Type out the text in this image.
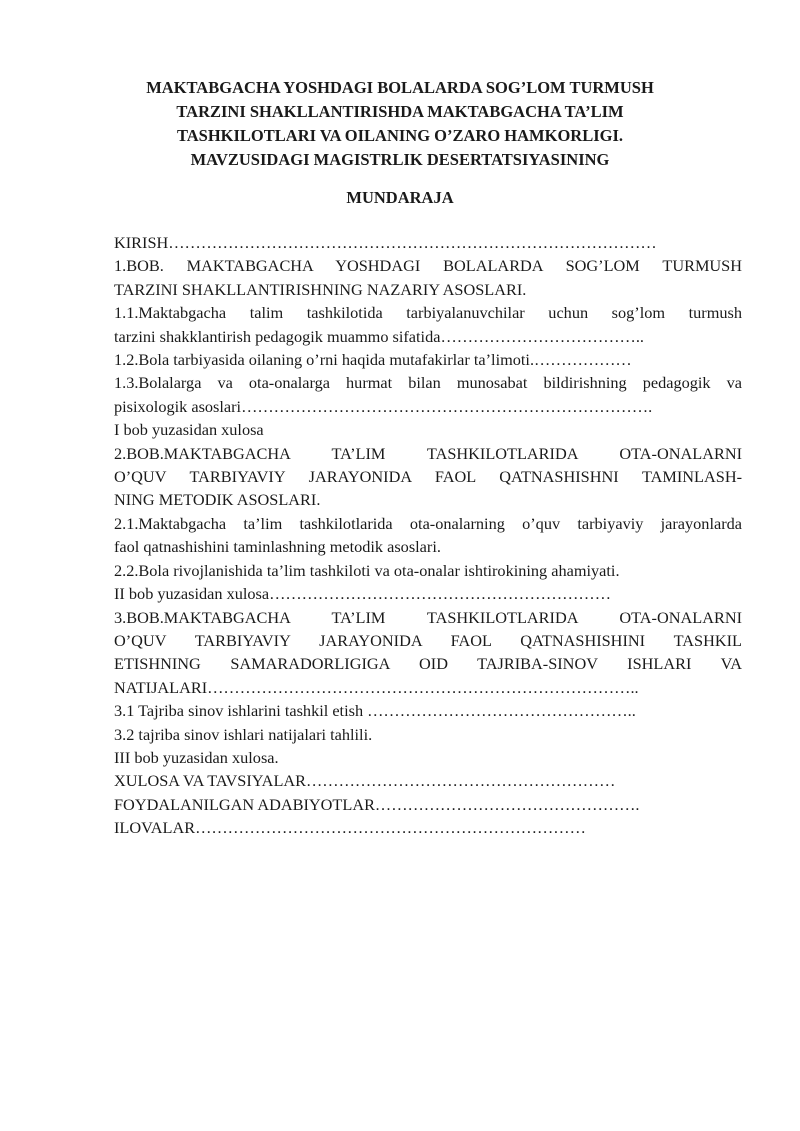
MAKTABGACHA YOSHDAGI BOLALARDA SOG’LOM TURMUSH
TARZINI SHAKLLANTIRISHDA MAKTABGACHA TA’LIM
TASHKILOTLARI VA OILANING O’ZARO HAMKORLIGI.
MAVZUSIDAGI MAGISTRLIK DESERTATSIYASINING
MUNDARAJA
KIRISH………………………………………………………………………………
1.BOB. MAKTABGACHA YOSHDAGI BOLALARDA SOG’LOM TURMUSH
TARZINI SHAKLLANTIRISHNING NAZARIY ASOSLARI.
1.1.Maktabgacha talim tashkilotida tarbiyalanuvchilar uchun sog’lom turmush
tarzini shakklantirish pedagogik muammo sifatida………………………………..
1.2.Bola tarbiyasida oilaning o’rni haqida mutafakirlar ta’limoti.………………
1.3.Bolalarga va ota-onalarga hurmat bilan munosabat bildirishning pedagogik va
pisixologik asoslari………………………………………………………………….
I bob yuzasidan xulosa
2.BOB.MAKTABGACHA TA’LIM TASHKILOTLARIDA OTA-ONALARNI
O’QUV TARBIYAVIY JARAYONIDA FAOL QATNASHISHNI TAMINLASH-
NING METODIK ASOSLARI.
2.1.Maktabgacha ta’lim tashkilotlarida ota-onalarning o’quv tarbiyaviy jarayonlarda
faol qatnashishini taminlashning metodik asoslari.
2.2.Bola rivojlanishida ta’lim tashkiloti va ota-onalar ishtirokining ahamiyati.
II bob yuzasidan xulosa………………………………………………………
3.BOB.MAKTABGACHA TA’LIM TASHKILOTLARIDA OTA-ONALARNI
O’QUV TARBIYAVIY JARAYONIDA FAOL QATNASHISHINI TASHKIL
ETISHNING SAMARADORLIGIGA OID TAJRIBA-SINOV ISHLARI VA
NATIJALARI……………………………………………………………………..
3.1 Tajriba sinov ishlarini tashkil etish …………………………………………..
3.2 tajriba sinov ishlari natijalari tahlili.
III bob yuzasidan xulosa.
XULOSA VA TAVSIYALAR…………………………………………………
FOYDALANILGAN ADABIYOTLAR………………………………………….
ILOVALAR………………………………………………………………
